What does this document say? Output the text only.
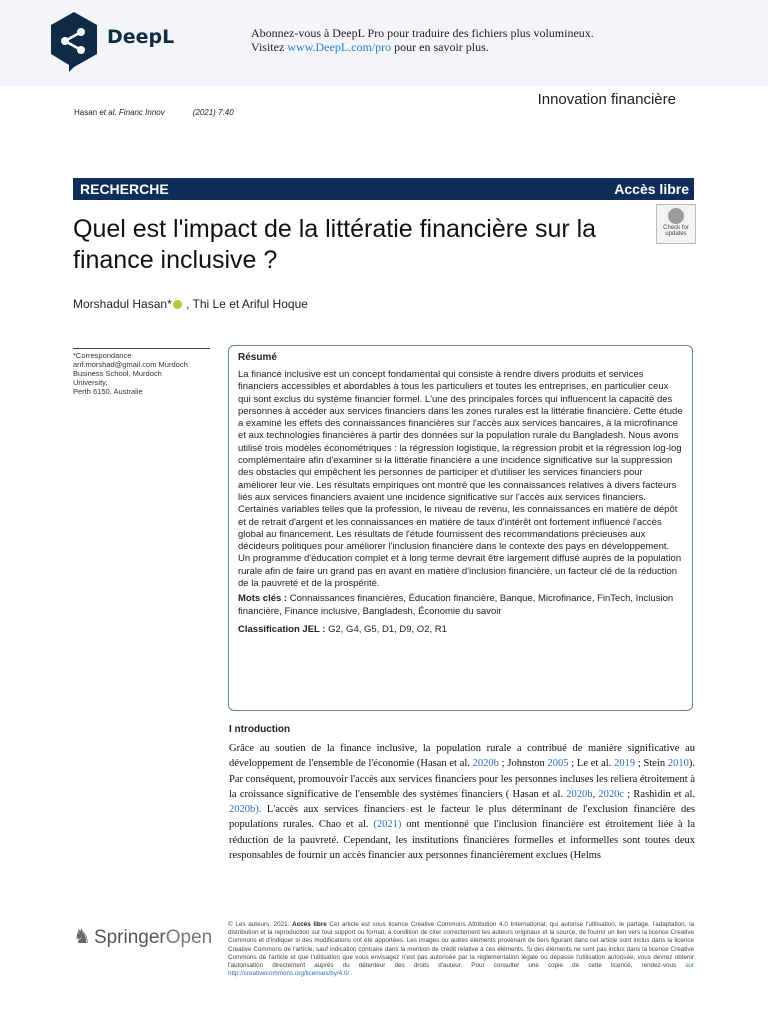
DeepL	Abonnez-vous à DeepL Pro pour traduire des fichiers plus volumineux.
Visitez www.DeepL.com/pro pour en savoir plus.
Hasan et al. Financ Innov	(2021) 7:40
Innovation financière
RECHERCHE	Accès libre
Check for updates
Quel est l'impact de la littératie financière sur la finance inclusive ?
Morshadul Hasan* , Thi Le et Ariful Hoque
*Correspondance
arif.morshad@gmail.com Murdoch
Business School, Murdoch
University,
Perth 6150, Australie
Résumé
La finance inclusive est un concept fondamental qui consiste à rendre divers produits et services financiers accessibles et abordables à tous les particuliers et toutes les entreprises, en particulier ceux qui sont exclus du système financier formel. L'une des principales forces qui influencent la capacité des personnes à accéder aux services financiers dans les zones rurales est la littératie financière. Cette étude a examiné les effets des connaissances financières sur l'accès aux services bancaires, à la microfinance et aux technologies financières à partir des données sur la population rurale du Bangladesh. Nous avons utilisé trois modèles économétriques : la régression logistique, la régression probit et la régression log-log complémentaire afin d'examiner si la littératie financière a une incidence significative sur la suppression des obstacles qui empêchent les personnes de participer et d'utiliser les services financiers pour améliorer leur vie. Les résultats empiriques ont montré que les connaissances relatives à divers facteurs liés aux services financiers avaient une incidence significative sur l'accès aux services financiers. Certaines variables telles que la profession, le niveau de revenu, les connaissances en matière de dépôt et de retrait d'argent et les connaissances en matière de taux d'intérêt ont fortement influencé l'accès global au financement. Les résultats de l'étude fournissent des recommandations précieuses aux décideurs politiques pour améliorer l'inclusion financière dans le contexte des pays en développement. Un programme d'éducation complet et à long terme devrait être largement diffusé auprès de la population rurale afin de faire un grand pas en avant en matière d'inclusion financière, un facteur clé de la réduction de la pauvreté et de la prospérité.
Mots clés : Connaissances financières, Éducation financière, Banque, Microfinance, FinTech, Inclusion financière, Finance inclusive, Bangladesh, Économie du savoir
Classification JEL : G2, G4, G5, D1, D9, O2, R1
I ntroduction
Grâce au soutien de la finance inclusive, la population rurale a contribué de manière significative au développement de l'ensemble de l'économie (Hasan et al. 2020b ; Johnston 2005 ; Le et al. 2019 ; Stein 2010). Par conséquent, promouvoir l'accès aux services financiers pour les personnes incluses les reliera étroitement à la croissance significative de l'ensemble des systèmes financiers ( Hasan et al. 2020b, 2020c ; Rashidin et al. 2020b). L'accès aux services financiers est le facteur le plus déterminant de l'exclusion financière des populations rurales. Chao et al. (2021) ont mentionné que l'inclusion financière est étroitement liée à la réduction de la pauvreté. Cependant, les institutions financières formelles et informelles sont toutes deux responsables de fournir un accès financier aux personnes financièrement exclues (Helms
♞ SpringerOpen
© Les auteurs, 2021. Accès libre Cet article est sous licence Creative Commons Attribution 4.0 International, qui autorise l'utilisation, le partage, l'adaptation, la distribution et la reproduction sur tout support ou format, à condition de citer correctement les auteurs originaux et la source, de fournir un lien vers la licence Creative Commons et d'indiquer si des modifications ont été apportées. Les images ou autres éléments provenant de tiers figurant dans cet article sont inclus dans la licence Creative Commons de l'article, sauf indication contraire dans la mention de crédit relative à ces éléments. Si des éléments ne sont pas inclus dans la licence Creative Commons de l'article et que l'utilisation que vous envisagez n'est pas autorisée par la réglementation légale ou dépasse l'utilisation autorisée, vous devrez obtenir l'autorisation directement auprès du détenteur des droits d'auteur. Pour consulter une copie de cette licence, rendez-vous sur http://creativecommons.org/licenses/by/4.0/ .
